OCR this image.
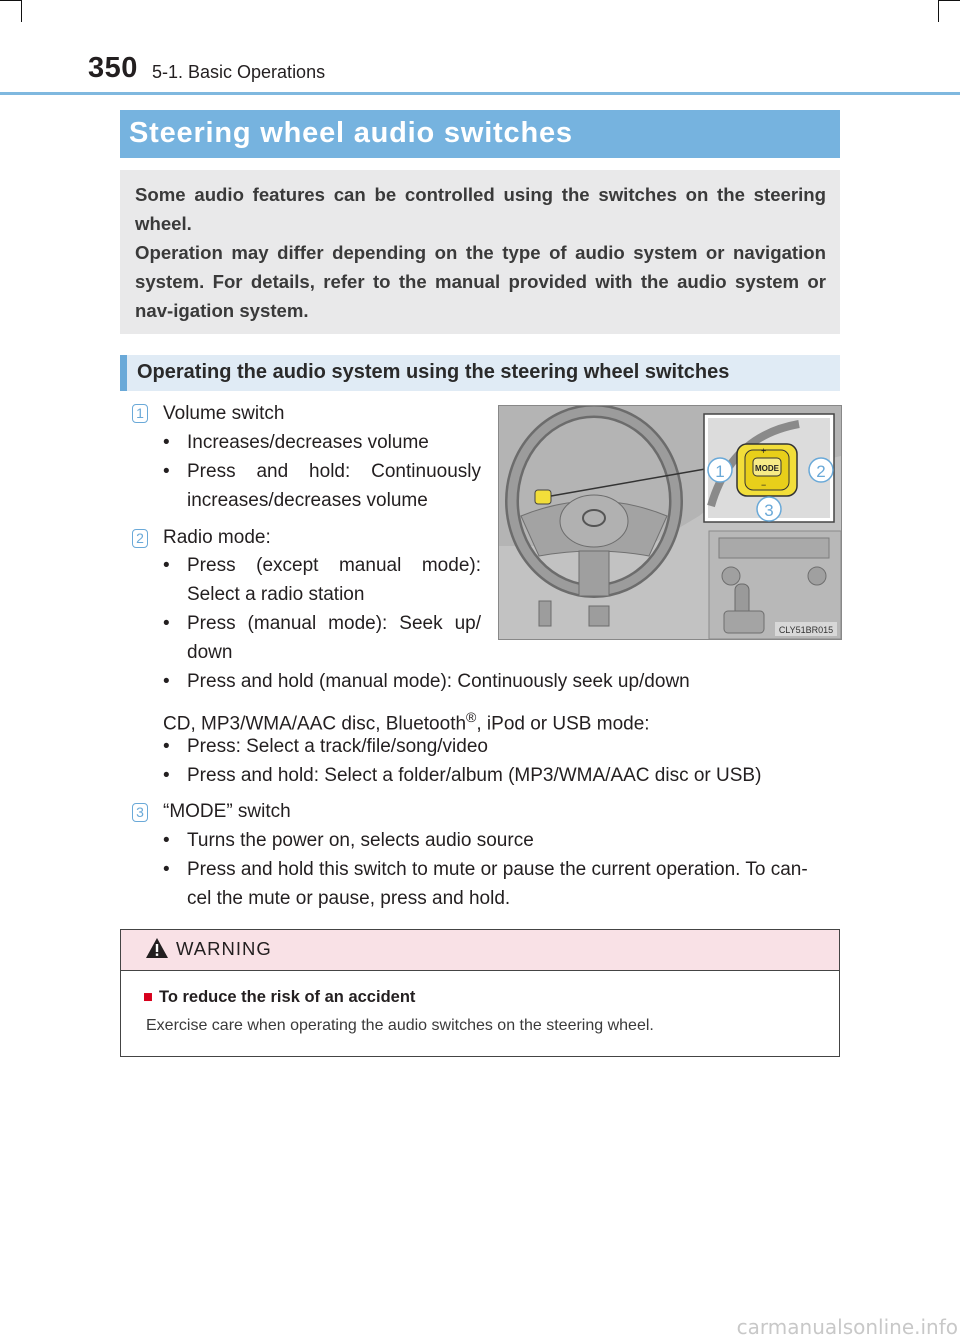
350 5-1. Basic Operations
Steering wheel audio switches

Some audio features can be controlled using the switches on the steering wheel.

Operation may differ depending on the type of audio system or navigation system. For details, refer to the manual provided with the audio system or nav-igation system.

Operating the audio system using the steering wheel switches
1 Volume switch
• Increases/decreases volume
• Press and hold: Continuously increases/decreases volume
2 Radio mode:
• Press (except manual mode): Select a radio station
• Press (manual mode): Seek up/
down
• Press and hold (manual mode): Continuously seek up/down
CD, MP3/WMA/AAC disc, Bluetooth®, iPod or USB mode:
• Press: Select a track/file/song/video
• Press and hold: Select a folder/album (MP3/WMA/AAC disc or USB)
3 “MODE” switch
• Turns the power on, selects audio source
• Press and hold this switch to mute or pause the current operation. To can-
cel the mute or pause, press and hold.
MODE
+
−
1	2
3
CLY51BR015
WARNING
■ To reduce the risk of an accident
Exercise care when operating the audio switches on the steering wheel.
carmanualsonline.info
